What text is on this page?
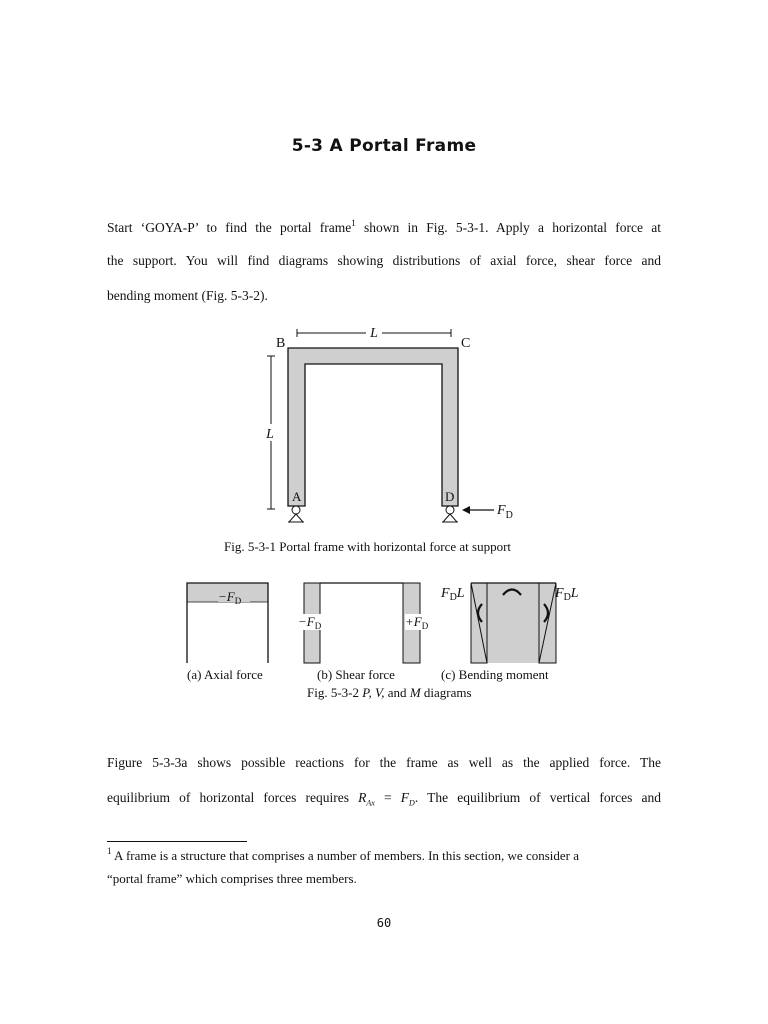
5-3 A Portal Frame
Start ‘GOYA-P’ to find the portal frame$^1$ shown in Fig. 5-3-1. Apply a horizontal force at
the support. You will find diagrams showing distributions of axial force, shear force and
bending moment (Fig. 5-3-2).
L
L
B	C
A	D
$F_D$
$-F_D$
$-F_D$	$+F_D$
$F_DL$	$F_DL$
Fig. 5-3-1 Portal frame with horizontal force at support
(a) Axial force	(b) Shear force	(c) Bending moment
Fig. 5-3-2 P, V, and M diagrams
Figure 5-3-3a shows possible reactions for the frame as well as the applied force. The
equilibrium of horizontal forces requires $R_{Ax} = F_D$. The equilibrium of vertical forces and
$^1$ A frame is a structure that comprises a number of members. In this section, we consider a
“portal frame” which comprises three members.
60
